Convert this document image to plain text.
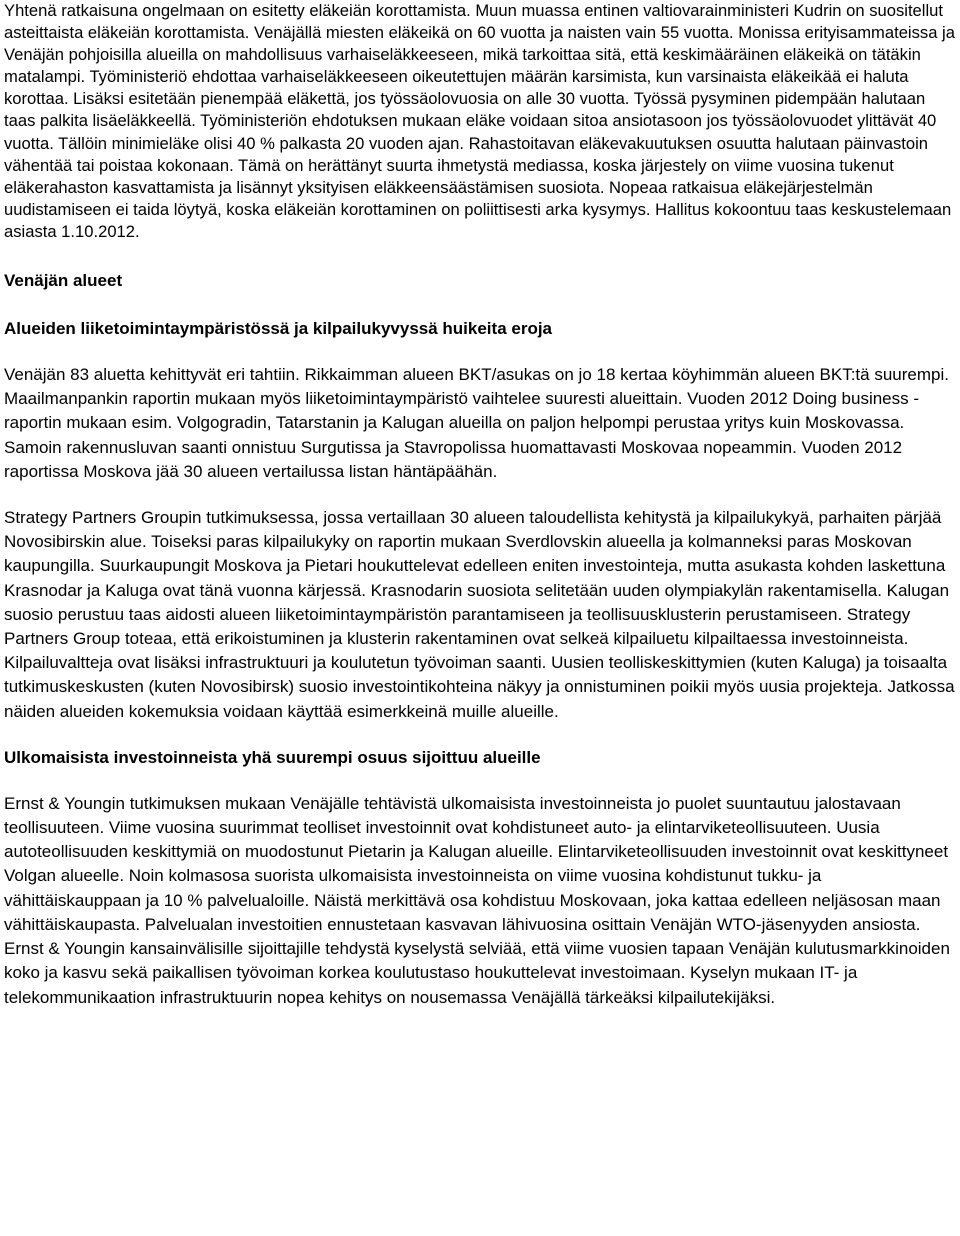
Yhtenä ratkaisuna ongelmaan on esitetty eläkeiän korottamista. Muun muassa entinen valtiovarainministeri Kudrin on suositellut asteittaista eläkeiän korottamista. Venäjällä miesten eläkeikä on 60 vuotta ja naisten vain 55 vuotta. Monissa erityisammateissa ja Venäjän pohjoisilla alueilla on mahdollisuus varhaiseläkkeeseen, mikä tarkoittaa sitä, että keskimääräinen eläkeikä on tätäkin matalampi. Työministeriö ehdottaa varhaiseläkkeeseen oikeutettujen määrän karsimista, kun varsinaista eläkeikää ei haluta korottaa. Lisäksi esitetään pienempää eläkettä, jos työssäolovuosia on alle 30 vuotta. Työssä pysyminen pidempään halutaan taas palkita lisäeläkkeellä. Työministeriön ehdotuksen mukaan eläke voidaan sitoa ansiotasoon jos työssäolovuodet ylittävät 40 vuotta. Tällöin minimieläke olisi 40 % palkasta 20 vuoden ajan. Rahastoitavan eläkevakuutuksen osuutta halutaan päinvastoin vähentää tai poistaa kokonaan. Tämä on herättänyt suurta ihmetystä mediassa, koska järjestely on viime vuosina tukenut eläkerahaston kasvattamista ja lisännyt yksityisen eläkkeensäästämisen suosiota. Nopeaa ratkaisua eläkejärjestelmän uudistamiseen ei taida löytyä, koska eläkeiän korottaminen on poliittisesti arka kysymys. Hallitus kokoontuu taas keskustelemaan asiasta 1.10.2012.

Venäjän alueet
Alueiden liiketoimintaympäristössä ja kilpailukyvyssä huikeita eroja

Venäjän 83 aluetta kehittyvät eri tahtiin. Rikkaimman alueen BKT/asukas on jo 18 kertaa köyhimmän alueen BKT:tä suurempi. Maailmanpankin raportin mukaan myös liiketoimintaympäristö vaihtelee suuresti alueittain. Vuoden 2012 Doing business -raportin mukaan esim. Volgogradin, Tatarstanin ja Kalugan alueilla on paljon helpompi perustaa yritys kuin Moskovassa. Samoin rakennusluvan saanti onnistuu Surgutissa ja Stavropolissa huomattavasti Moskovaa nopeammin. Vuoden 2012 raportissa Moskova jää 30 alueen vertailussa listan häntäpäähän.

Strategy Partners Groupin tutkimuksessa, jossa vertaillaan 30 alueen taloudellista kehitystä ja kilpailukykyä, parhaiten pärjää Novosibirskin alue. Toiseksi paras kilpailukyky on raportin mukaan Sverdlovskin alueella ja kolmanneksi paras Moskovan kaupungilla. Suurkaupungit Moskova ja Pietari houkuttelevat edelleen eniten investointeja, mutta asukasta kohden laskettuna Krasnodar ja Kaluga ovat tänä vuonna kärjessä. Krasnodarin suosiota selitetään uuden olympiakylän rakentamisella. Kalugan suosio perustuu taas aidosti alueen liiketoimintaympäristön parantamiseen ja teollisuusklusterin perustamiseen. Strategy Partners Group toteaa, että erikoistuminen ja klusterin rakentaminen ovat selkeä kilpailuetu kilpailtaessa investoinneista. Kilpailuvaltteja ovat lisäksi infrastruktuuri ja koulutetun työvoiman saanti. Uusien teolliskeskittymien (kuten Kaluga) ja toisaalta tutkimuskeskusten (kuten Novosibirsk) suosio investointikohteina näkyy ja onnistuminen poikii myös uusia projekteja. Jatkossa näiden alueiden kokemuksia voidaan käyttää esimerkkeinä muille alueille.

Ulkomaisista investoinneista yhä suurempi osuus sijoittuu alueille

Ernst & Youngin tutkimuksen mukaan Venäjälle tehtävistä ulkomaisista investoinneista jo puolet suuntautuu jalostavaan teollisuuteen. Viime vuosina suurimmat teolliset investoinnit ovat kohdistuneet auto- ja elintarviketeollisuuteen. Uusia autoteollisuuden keskittymiä on muodostunut Pietarin ja Kalugan alueille. Elintarviketeollisuuden investoinnit ovat keskittyneet Volgan alueelle. Noin kolmasosa suorista ulkomaisista investoinneista on viime vuosina kohdistunut tukku- ja vähittäiskauppaan ja 10 % palvelualoille. Näistä merkittävä osa kohdistuu Moskovaan, joka kattaa edelleen neljäsosan maan vähittäiskaupasta. Palvelualan investoitien ennustetaan kasvavan lähivuosina osittain Venäjän WTO-jäsenyyden ansiosta. Ernst & Youngin kansainvälisille sijoittajille tehdystä kyselystä selviää, että viime vuosien tapaan Venäjän kulutusmarkkinoiden koko ja kasvu sekä paikallisen työvoiman korkea koulutustaso houkuttelevat investoimaan. Kyselyn mukaan IT- ja telekommunikaation infrastruktuurin nopea kehitys on nousemassa Venäjällä tärkeäksi kilpailutekijäksi.
